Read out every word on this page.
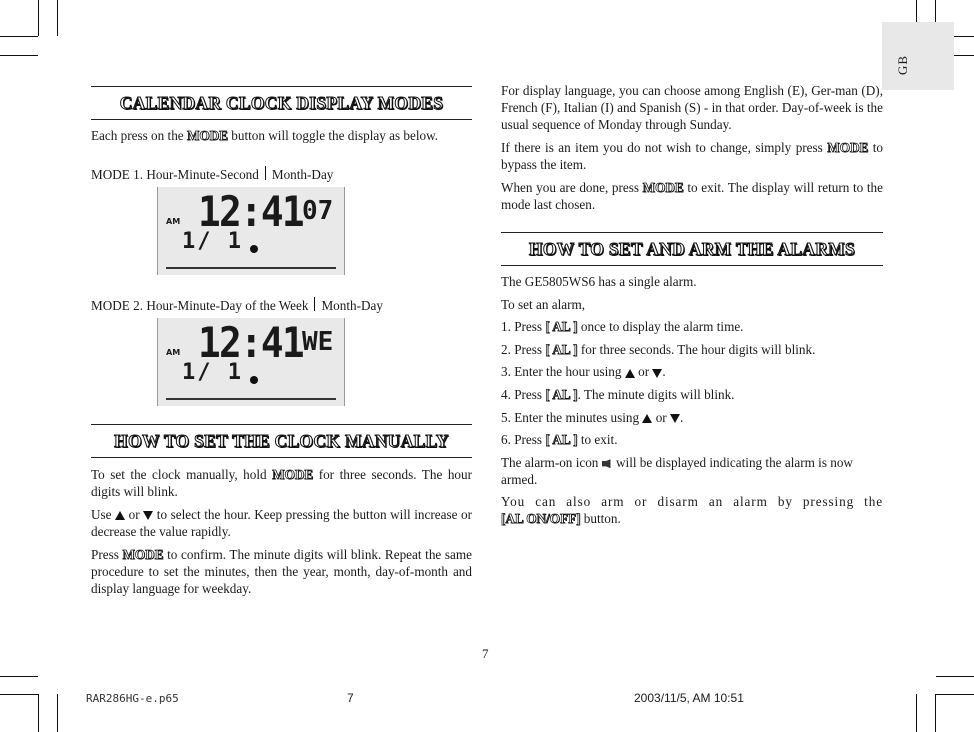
GB
CALENDAR CLOCK DISPLAY MODES
Each press on the MODE button will toggle the display as below.
MODE 1. Hour-Minute-Second Month-Day
AM 12:41 07
1/ 1
MODE 2. Hour-Minute-Day of the Week Month-Day
AM 12:41 WE
1/ 1
HOW TO SET THE CLOCK MANUALLY

To set the clock manually, hold MODE for three seconds. The hour digits will blink.

Use  or  to select the hour. Keep pressing the button will increase or decrease the value rapidly.

Press MODE to confirm. The minute digits will blink. Repeat the same procedure to set the minutes, then the year, month, day-of-month and display language for weekday.

For display language, you can choose among English (E), Ger-man (D), French (F), Italian (I) and Spanish (S) - in that order. Day-of-week is the usual sequence of Monday through Sunday.

If there is an item you do not wish to change, simply press MODE to bypass the item.

When you are done, press MODE to exit. The display will return to the mode last chosen.

HOW TO SET AND ARM THE ALARMS

The GE5805WS6 has a single alarm.

To set an alarm,

1. Press [ AL ] once to display the alarm time.

2. Press [ AL ] for three seconds. The hour digits will blink.

3. Enter the hour using  or .

4. Press [ AL ]. The minute digits will blink.

5. Enter the minutes using  or .

6. Press [ AL ] to exit.

The alarm-on icon  will be displayed indicating the alarm is now armed.

You can also arm or disarm an alarm by pressing the

[AL ON/OFF] button.

7
RAR286HG-e.p65	7	2003/11/5, AM 10:51
